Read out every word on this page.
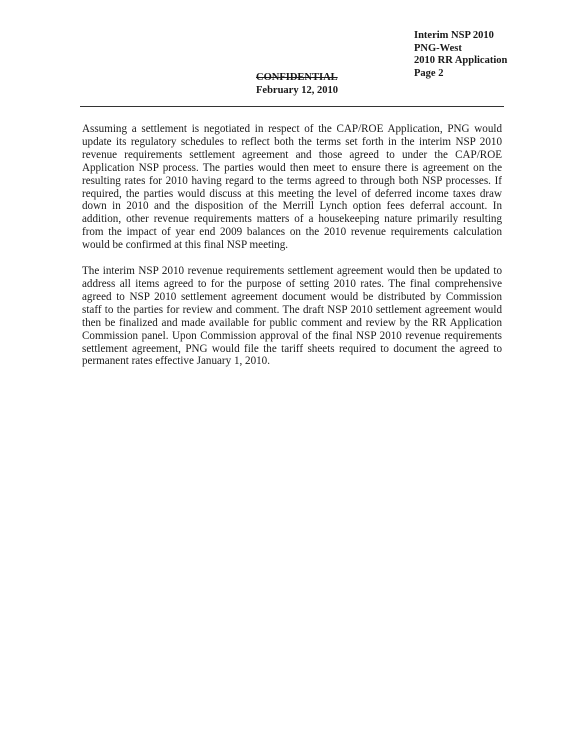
Interim NSP 2010
PNG-West
2010 RR Application
Page 2
CONFIDENTIAL
February 12, 2010

Assuming a settlement is negotiated in respect of the CAP/ROE Application, PNG would update its regulatory schedules to reflect both the terms set forth in the interim NSP 2010 revenue requirements settlement agreement and those agreed to under the CAP/ROE Application NSP process. The parties would then meet to ensure there is agreement on the resulting rates for 2010 having regard to the terms agreed to through both NSP processes. If required, the parties would discuss at this meeting the level of deferred income taxes draw down in 2010 and the disposition of the Merrill Lynch option fees deferral account. In addition, other revenue requirements matters of a housekeeping nature primarily resulting from the impact of year end 2009 balances on the 2010 revenue requirements calculation would be confirmed at this final NSP meeting.

The interim NSP 2010 revenue requirements settlement agreement would then be updated to address all items agreed to for the purpose of setting 2010 rates. The final comprehensive agreed to NSP 2010 settlement agreement document would be distributed by Commission staff to the parties for review and comment. The draft NSP 2010 settlement agreement would then be finalized and made available for public comment and review by the RR Application Commission panel. Upon Commission approval of the final NSP 2010 revenue requirements settlement agreement, PNG would file the tariff sheets required to document the agreed to permanent rates effective January 1, 2010.
